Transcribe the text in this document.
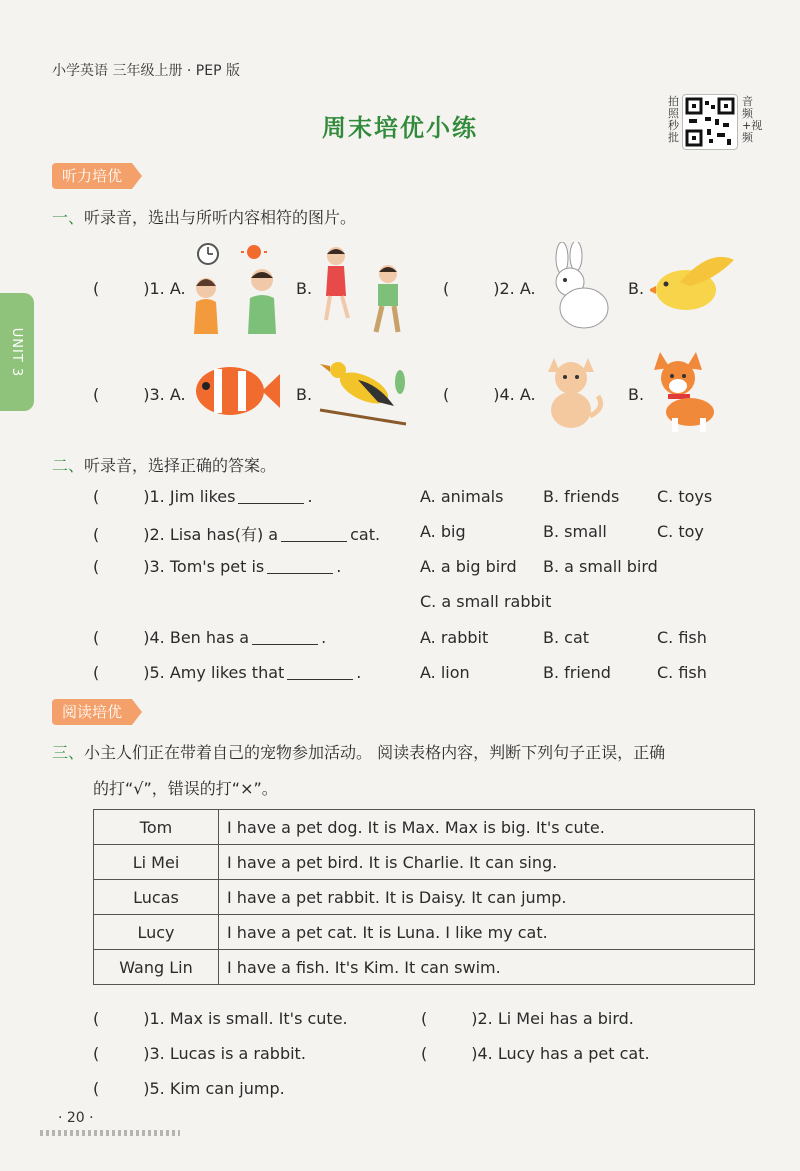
小学英语 三年级上册 · PEP 版
周末培优小练
拍照秒批
音频+视频
UNIT 3
听力培优
一、听录音，选出与所听内容相符的图片。
(	)1. A.	B.	(	)2. A.	B.
(	)3. A.	B.	(	)4. A.	B.
二、听录音，选择正确的答案。
(	)1. Jim likes	.	A. animals B. friends C. toys
(	)2. Lisa has(有) a	cat. A. big	B. small	C. toy
(	)3. Tom's pet is	.	A. a big bird B. a small bird
C. a small rabbit
(	)4. Ben has a	.	A. rabbit	B. cat	C. fish
(	)5. Amy likes that	.	A. lion	B. friend	C. fish
阅读培优
三、小主人们正在带着自己的宠物参加活动。 阅读表格内容，判断下列句子正误，正确
的打“√”，错误的打“×”。
Tom	I have a pet dog. It is Max. Max is big. It's cute.
Li Mei	I have a pet bird. It is Charlie. It can sing.
Lucas	I have a pet rabbit. It is Daisy. It can jump.
Lucy	I have a pet cat. It is Luna. I like my cat.
Wang Lin	I have a fish. It's Kim. It can swim.
(	)1. Max is small. It's cute.	(	)2. Li Mei has a bird.
(	)3. Lucas is a rabbit.	(	)4. Lucy has a pet cat.
(	)5. Kim can jump.
· 20 ·
